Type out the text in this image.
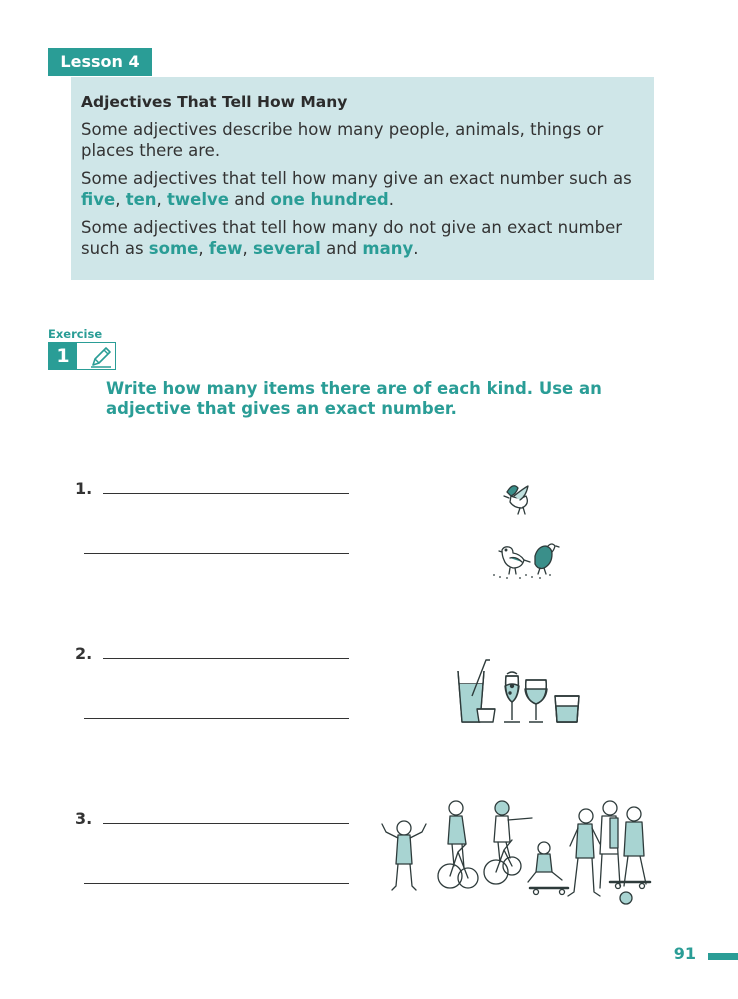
Lesson 4
Adjectives That Tell How Many

Some adjectives describe how many people, animals, things or places there are.

Some adjectives that tell how many give an exact number such as five, ten, twelve and one hundred.

Some adjectives that tell how many do not give an exact number such as some, few, several and many.

Exercise
1

Write how many items there are of each kind. Use an adjective that gives an exact number.

1.
2.
3.
91
